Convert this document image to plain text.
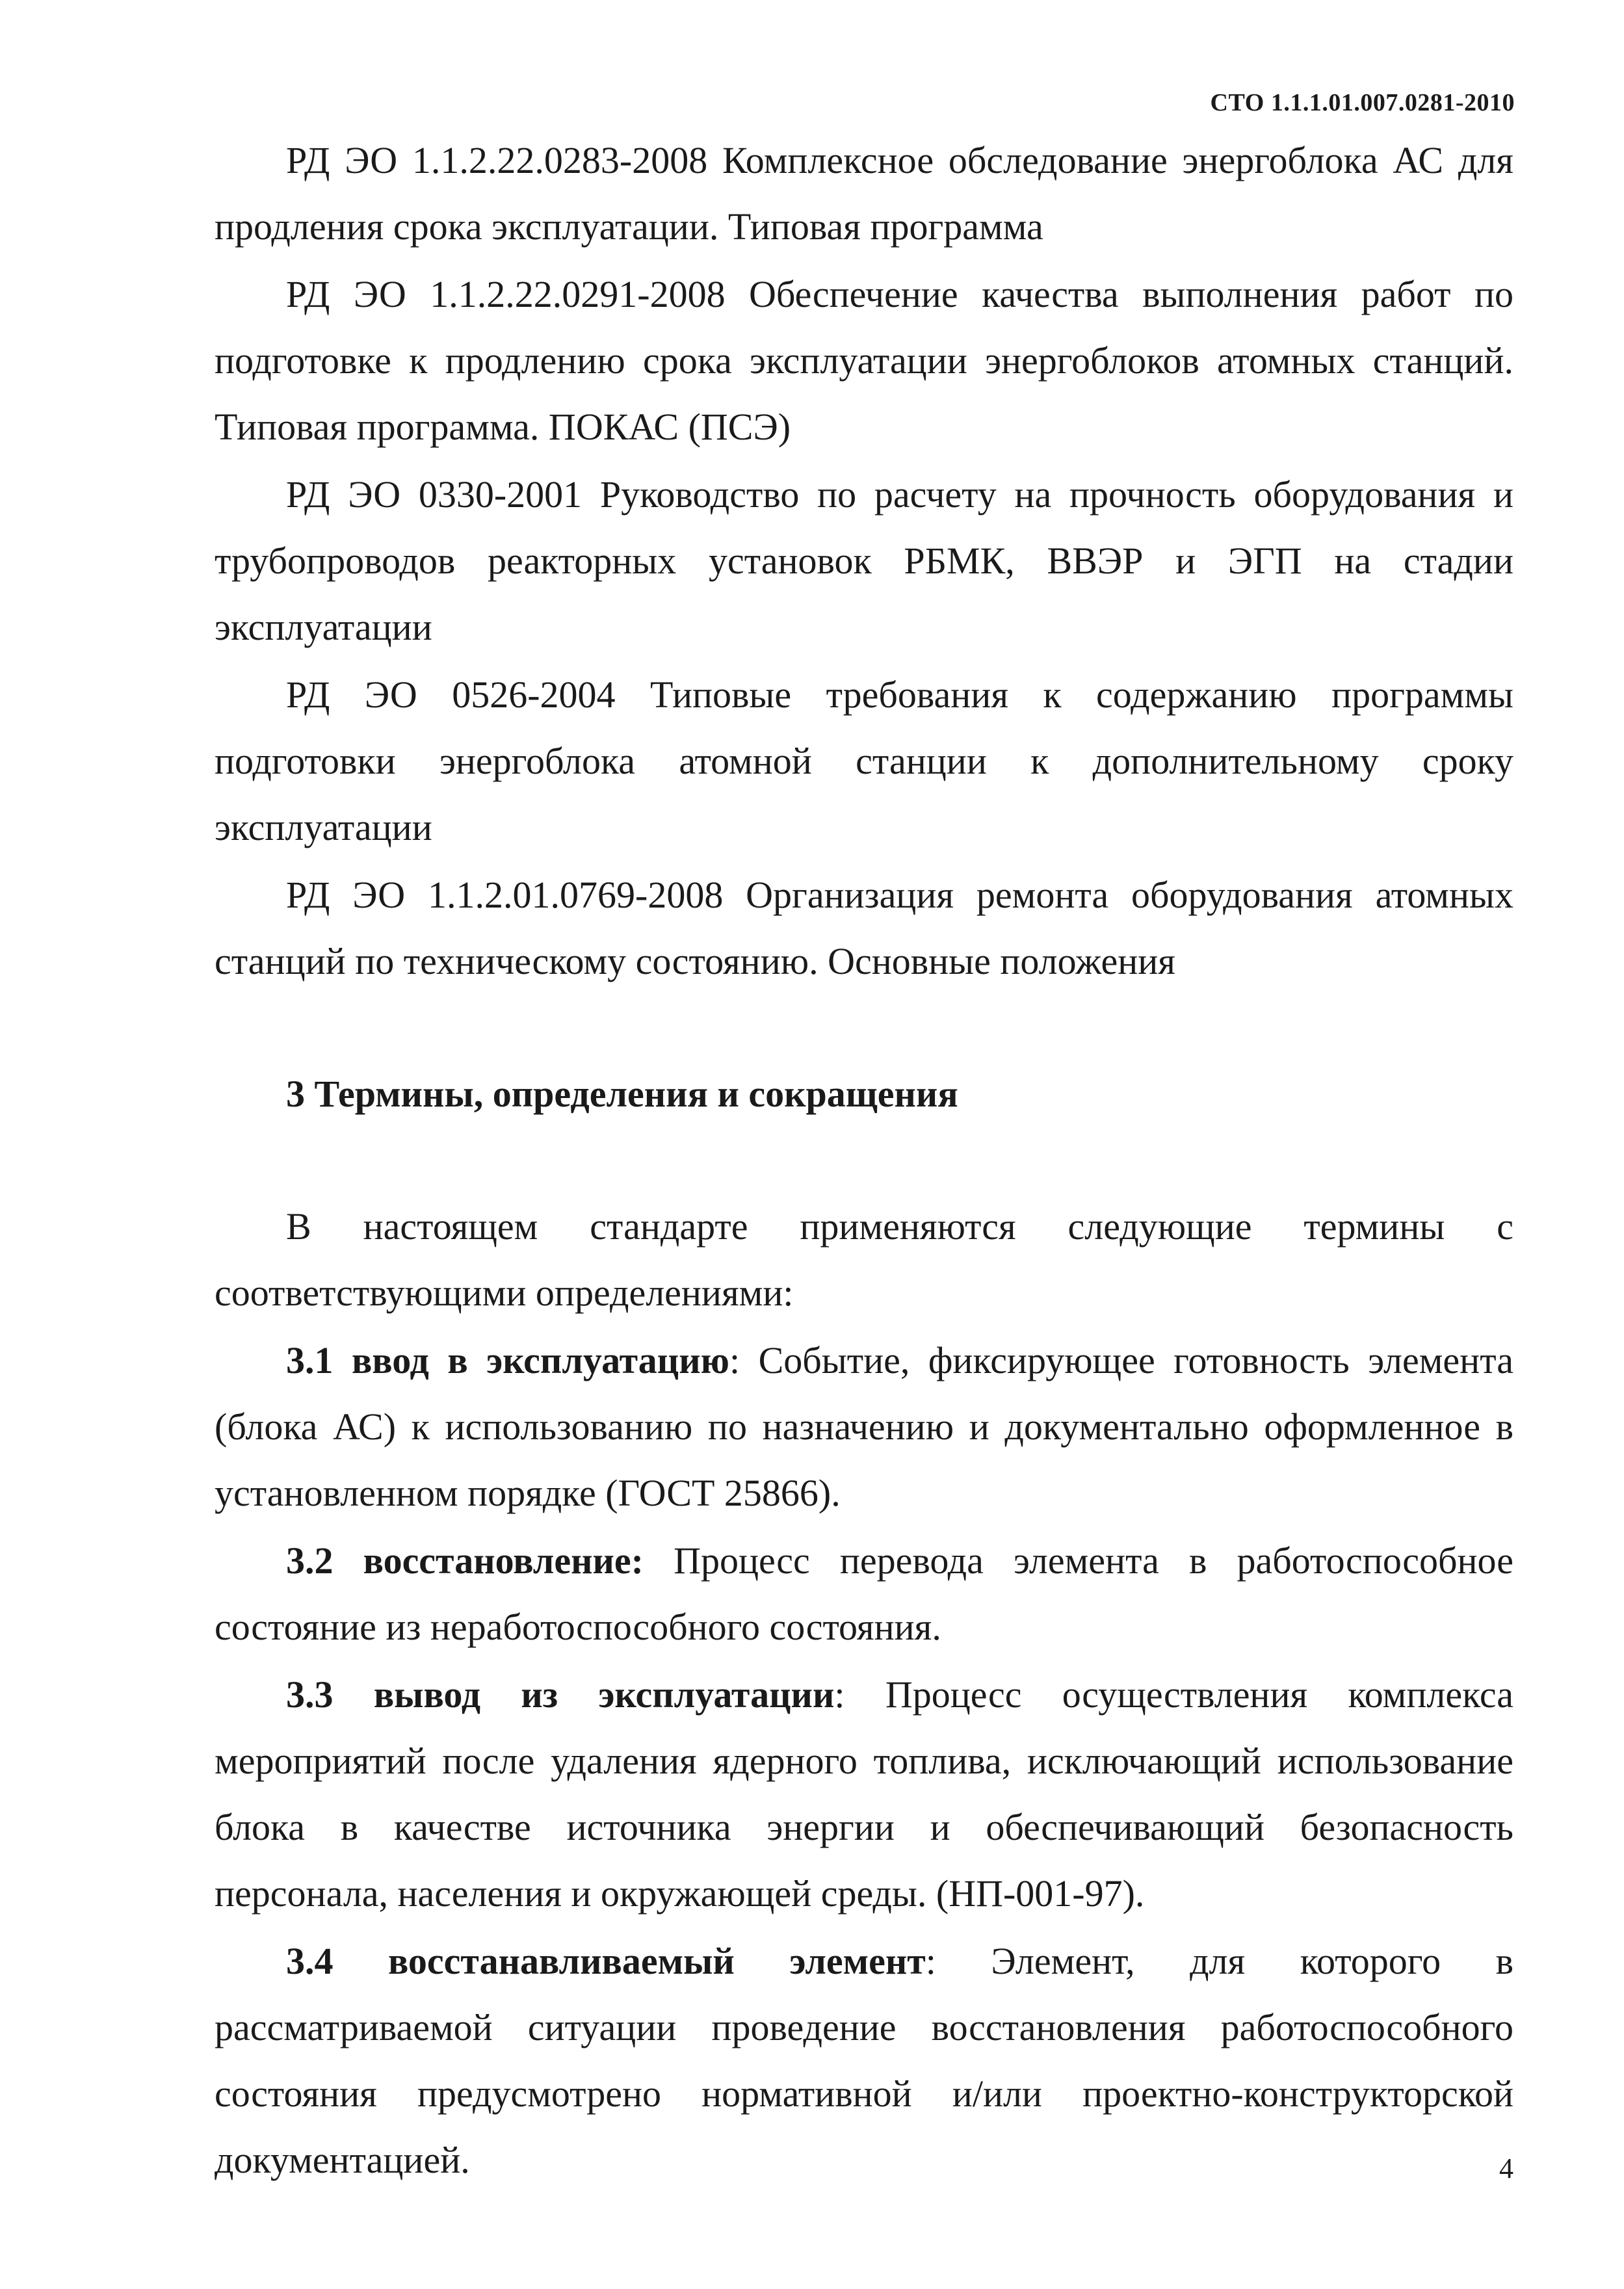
СТО 1.1.1.01.007.0281-2010

РД ЭО 1.1.2.22.0283-2008 Комплексное обследование энергоблока АС для продления срока эксплуатации. Типовая программа

РД ЭО 1.1.2.22.0291-2008 Обеспечение качества выполнения работ по подготовке к продлению срока эксплуатации энергоблоков атомных станций. Типовая программа. ПОКАС (ПСЭ)

РД ЭО 0330-2001 Руководство по расчету на прочность оборудования и трубопроводов реакторных установок РБМК, ВВЭР и ЭГП на стадии эксплуатации

РД ЭО 0526-2004 Типовые требования к содержанию программы подготовки энергоблока атомной станции к дополнительному сроку эксплуатации

РД ЭО 1.1.2.01.0769-2008 Организация ремонта оборудования атомных станций по техническому состоянию. Основные положения

3 Термины, определения и сокращения

В настоящем стандарте применяются следующие термины с соответствующими определениями:

3.1 ввод в эксплуатацию: Событие, фиксирующее готовность элемента (блока АС) к использованию по назначению и документально оформленное в установленном порядке (ГОСТ 25866).

3.2 восстановление: Процесс перевода элемента в работоспособное состояние из неработоспособного состояния.

3.3 вывод из эксплуатации: Процесс осуществления комплекса мероприятий после удаления ядерного топлива, исключающий использование блока в качестве источника энергии и обеспечивающий безопасность персонала, населения и окружающей среды. (НП-001-97).

3.4 восстанавливаемый элемент: Элемент, для которого в рассматриваемой ситуации проведение восстановления работоспособного состояния предусмотрено нормативной и/или проектно-конструкторской документацией.	4
